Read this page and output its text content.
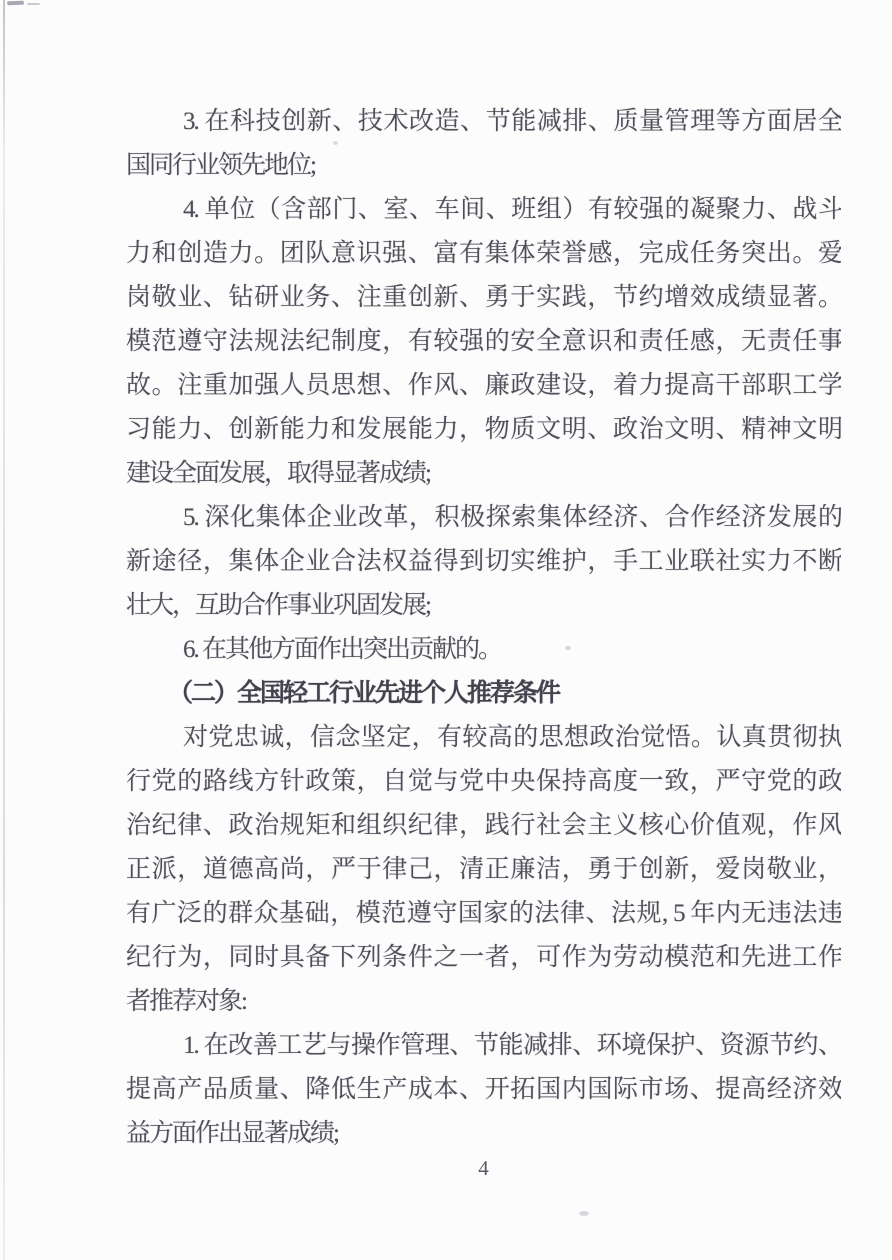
3. 在科技创新、技术改造、节能减排、质量管理等方面居全
国同行业领先地位;
4. 单位（含部门、室、车间、班组）有较强的凝聚力、战斗
力和创造力。团队意识强、富有集体荣誉感，完成任务突出。爱
岗敬业、钻研业务、注重创新、勇于实践，节约增效成绩显著。
模范遵守法规法纪制度，有较强的安全意识和责任感，无责任事
故。注重加强人员思想、作风、廉政建设，着力提高干部职工学
习能力、创新能力和发展能力，物质文明、政治文明、精神文明
建设全面发展，取得显著成绩;
5. 深化集体企业改革，积极探索集体经济、合作经济发展的
新途径，集体企业合法权益得到切实维护，手工业联社实力不断
壮大，互助合作事业巩固发展;
6. 在其他方面作出突出贡献的。
（二）全国轻工行业先进个人推荐条件
对党忠诚，信念坚定，有较高的思想政治觉悟。认真贯彻执
行党的路线方针政策，自觉与党中央保持高度一致，严守党的政
治纪律、政治规矩和组织纪律，践行社会主义核心价值观，作风
正派，道德高尚，严于律己，清正廉洁，勇于创新，爱岗敬业，
有广泛的群众基础，模范遵守国家的法律、法规, 5 年内无违法违
纪行为，同时具备下列条件之一者，可作为劳动模范和先进工作
者推荐对象:
1. 在改善工艺与操作管理、节能减排、环境保护、资源节约、
提高产品质量、降低生产成本、开拓国内国际市场、提高经济效
益方面作出显著成绩;
4
